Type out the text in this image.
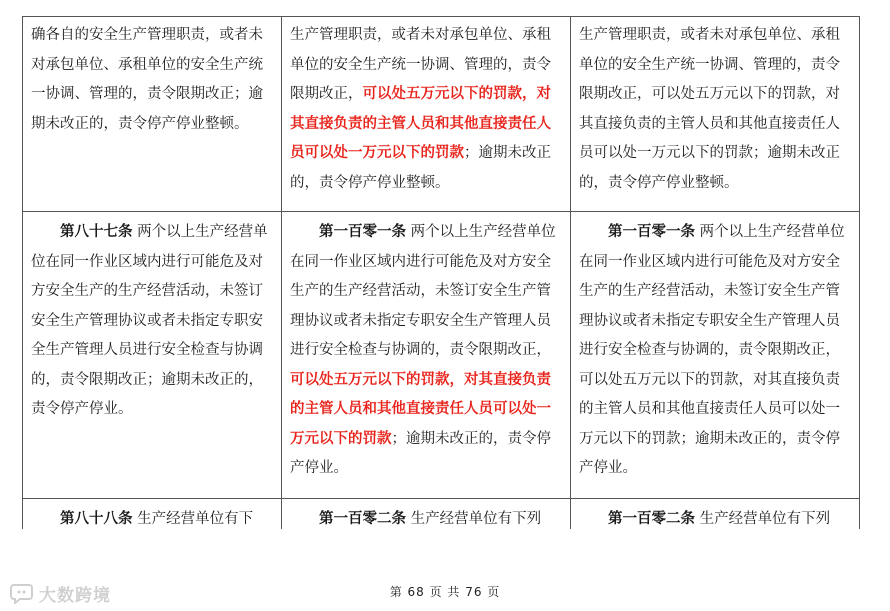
确各自的安全生产管理职责，或者未对承包单位、承租单位的安全生产统一协调、管理的，责令限期改正；逾期未改正的，责令停产停业整顿。
第八十七条 两个以上生产经营单位在同一作业区域内进行可能危及对方安全生产的生产经营活动，未签订安全生产管理协议或者未指定专职安全生产管理人员进行安全检查与协调的，责令限期改正；逾期未改正的，责令停产停业。
第八十八条 生产经营单位有下
生产管理职责，或者未对承包单位、承租单位的安全生产统一协调、管理的，责令限期改正，可以处五万元以下的罚款，对其直接负责的主管人员和其他直接责任人员可以处一万元以下的罚款；逾期未改正的，责令停产停业整顿。
第一百零一条 两个以上生产经营单位在同一作业区域内进行可能危及对方安全生产的生产经营活动，未签订安全生产管理协议或者未指定专职安全生产管理人员进行安全检查与协调的，责令限期改正，可以处五万元以下的罚款，对其直接负责的主管人员和其他直接责任人员可以处一万元以下的罚款；逾期未改正的，责令停产停业。
第一百零二条 生产经营单位有下列
生产管理职责，或者未对承包单位、承租单位的安全生产统一协调、管理的，责令限期改正，可以处五万元以下的罚款，对其直接负责的主管人员和其他直接责任人员可以处一万元以下的罚款；逾期未改正的，责令停产停业整顿。
第一百零一条 两个以上生产经营单位在同一作业区域内进行可能危及对方安全生产的生产经营活动，未签订安全生产管理协议或者未指定专职安全生产管理人员进行安全检查与协调的，责令限期改正，可以处五万元以下的罚款，对其直接负责的主管人员和其他直接责任人员可以处一万元以下的罚款；逾期未改正的，责令停产停业。
第一百零二条 生产经营单位有下列
第 68 页 共 76 页
大数跨境
